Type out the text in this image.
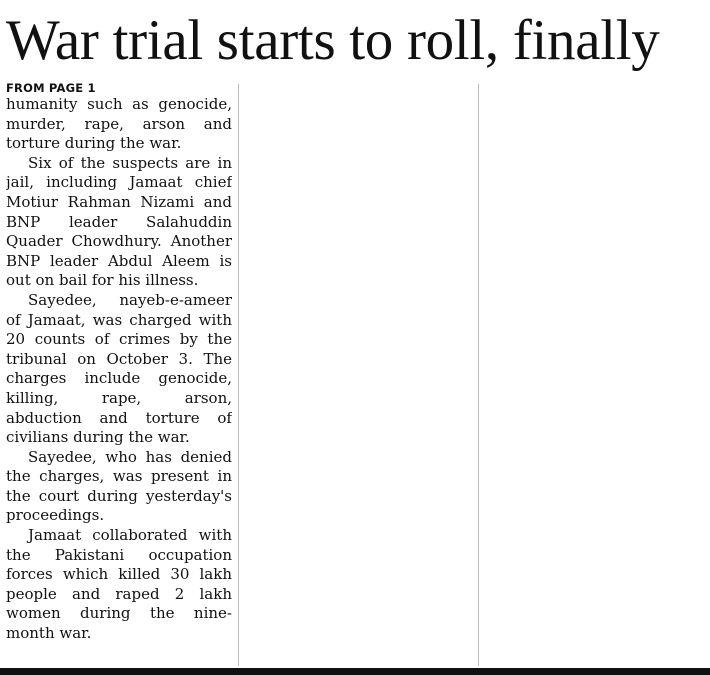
War trial starts to roll, finally

FROM PAGE 1

humanity such as genocide, murder, rape, arson and torture during the war.

Six of the suspects are in jail, including Jamaat chief Motiur Rahman Nizami and BNP leader Salahuddin Quader Chowdhury. Another BNP leader Abdul Aleem is out on bail for his illness.

Sayedee, nayeb-e-ameer of Jamaat, was charged with 20 counts of crimes by the tribunal on October 3. The charges include genocide, killing, rape, arson, abduction and torture of civilians during the war.

Sayedee, who has denied the charges, was present in the court during yesterday's proceedings.

Jamaat collaborated with the Pakistani occupation forces which killed 30 lakh people and raped 2 lakh women during the nine-month war.
